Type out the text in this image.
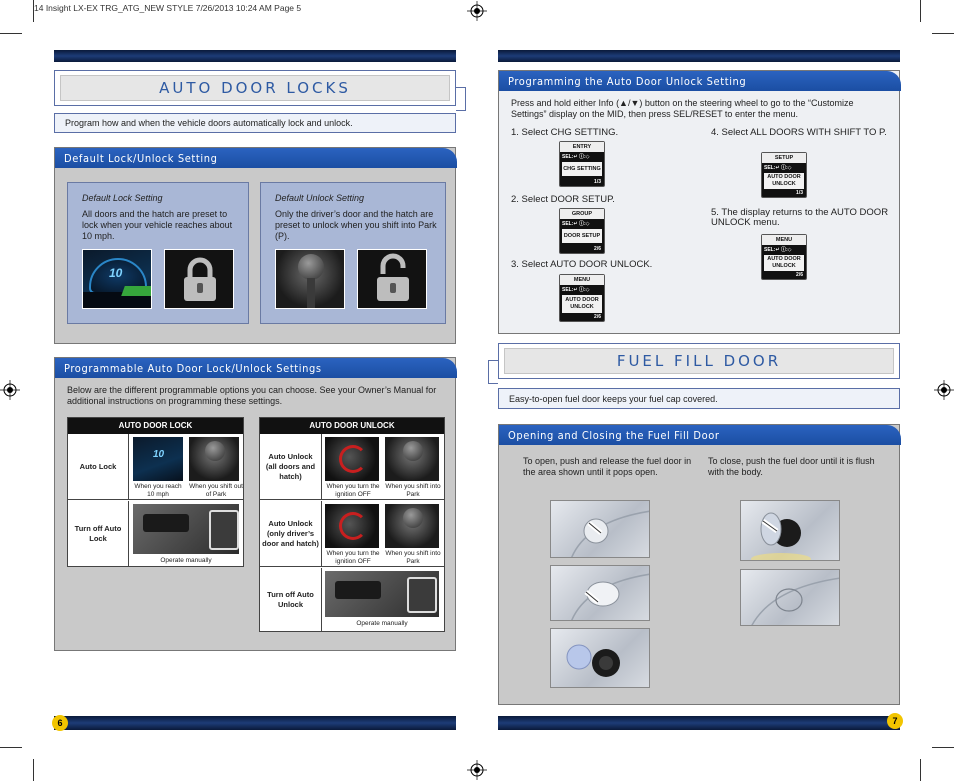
14 Insight LX-EX TRG_ATG_NEW STYLE 7/26/2013 10:24 AM Page 5
AUTO DOOR LOCKS
Program how and when the vehicle doors automatically lock and unlock.
Default Lock/Unlock Setting
Default Lock Setting
All doors and the hatch are preset to lock when your vehicle reaches about 10 mph.
10
Default Unlock Setting
Only the driver’s door and the hatch are preset to unlock when you shift into Park (P).
Programmable Auto Door Lock/Unlock Settings
Below are the different programmable options you can choose. See your Owner’s Manual for additional instructions on programming these settings.
AUTO DOOR LOCK
Auto Lock
10
When you reach 10 mph
When you shift out of Park
Turn off Auto Lock
Operate manually
AUTO DOOR UNLOCK
Auto Unlock (all doors and hatch)
When you turn the ignition OFF
When you shift into Park
Auto Unlock (only driver’s door and hatch)
When you turn the ignition OFF
When you shift into Park
Turn off Auto Unlock
Operate manually
6
Programming the Auto Door Unlock Setting
Press and hold either Info (▲/▼) button on the steering wheel to go to the “Customize Settings” display on the MID, then press SEL/RESET to enter the menu.
1. Select CHG SETTING.
ENTRY
SEL:↵ ⓘ:◇
CHG SETTING
1/3
2. Select DOOR SETUP.
GROUP
SEL:↵ ⓘ:◇
DOOR SETUP
2/6
3. Select AUTO DOOR UNLOCK.
MENU
SEL:↵ ⓘ:◇
AUTO DOOR UNLOCK
2/6
4. Select ALL DOORS WITH SHIFT TO P.
SETUP
SEL:↵ ⓘ:◇
AUTO DOOR UNLOCK
1/3
5. The display returns to the AUTO DOOR UNLOCK menu.
MENU
SEL:↵ ⓘ:◇
AUTO DOOR UNLOCK
2/6
FUEL FILL DOOR
Easy-to-open fuel door keeps your fuel cap covered.
Opening and Closing the Fuel Fill Door
To open, push and release the fuel door in the area shown until it pops open.
To close, push the fuel door until it is flush with the body.
7
